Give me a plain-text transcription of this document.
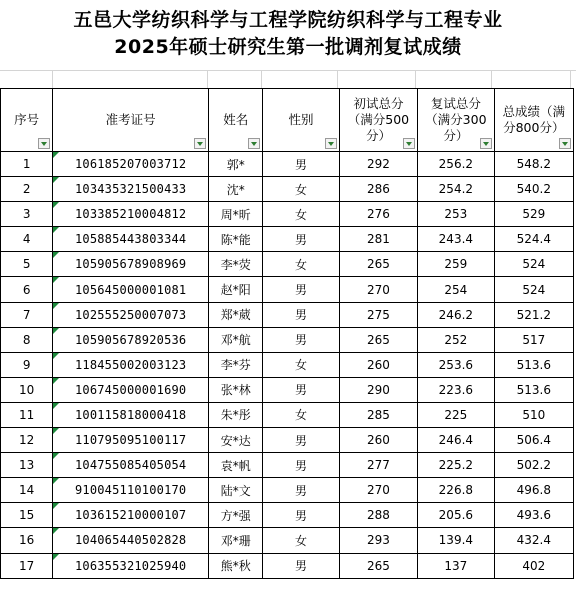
五邑大学纺织科学与工程学院纺织科学与工程专业
2025年硕士研究生第一批调剂复试成绩
序号	准考证号	姓名	性别	初试总分（满分500分）	复试总分（满分300分）	总成绩（满分800分）

1	106185207003712	郭*	男	292	256.2	548.2
2	103435321500433	沈*	女	286	254.2	540.2
3	103385210004812	周*昕	女	276	253	529
4	105885443803344	陈*能	男	281	243.4	524.4
5	105905678908969	李*荧	女	265	259	524
6	105645000001081	赵*阳	男	270	254	524
7	102555250007073	郑*葳	男	275	246.2	521.2
8	105905678920536	邓*航	男	265	252	517
9	118455002003123	李*芬	女	260	253.6	513.6
10	106745000001690	张*林	男	290	223.6	513.6
11	100115818000418	朱*彤	女	285	225	510
12	110795095100117	安*达	男	260	246.4	506.4
13	104755085405054	袁*帆	男	277	225.2	502.2
14	910045110100170	陆*文	男	270	226.8	496.8
15	103615210000107	方*强	男	288	205.6	493.6
16	104065440502828	邓*珊	女	293	139.4	432.4
17	106355321025940	熊*秋	男	265	137	402
